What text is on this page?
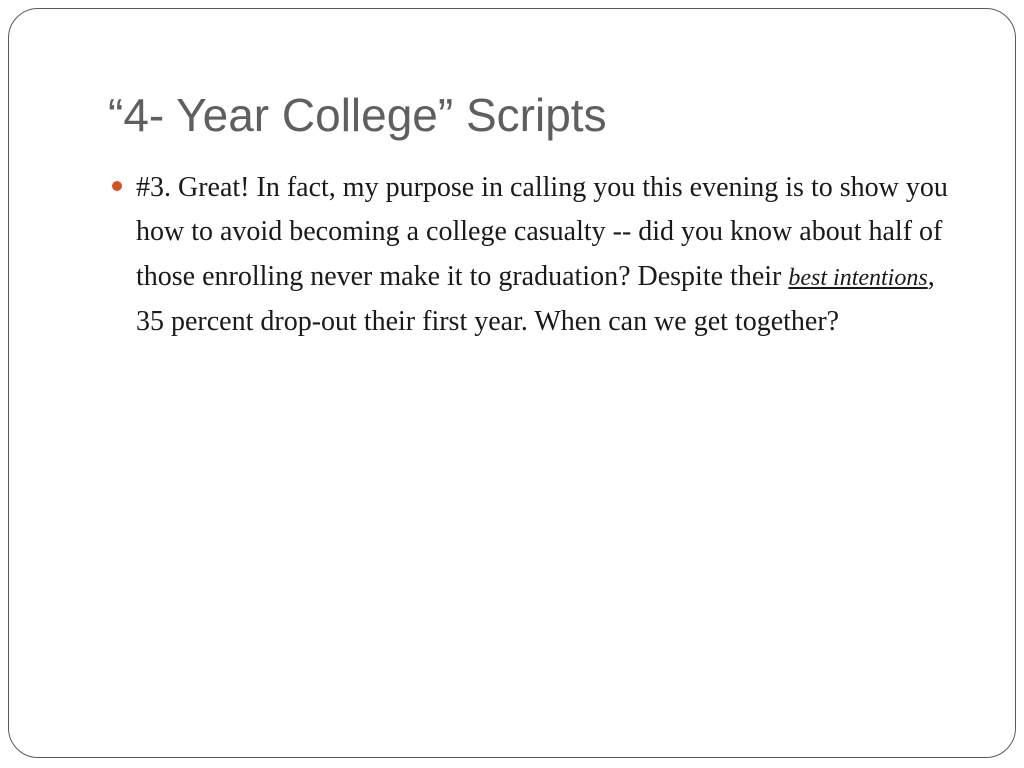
“4- Year College” Scripts
#3. Great! In fact, my purpose in calling you this evening is to show you how to avoid becoming a college casualty -- did you know about half of those enrolling never make it to graduation? Despite their best intentions, 35 percent drop-out their first year. When can we get together?
